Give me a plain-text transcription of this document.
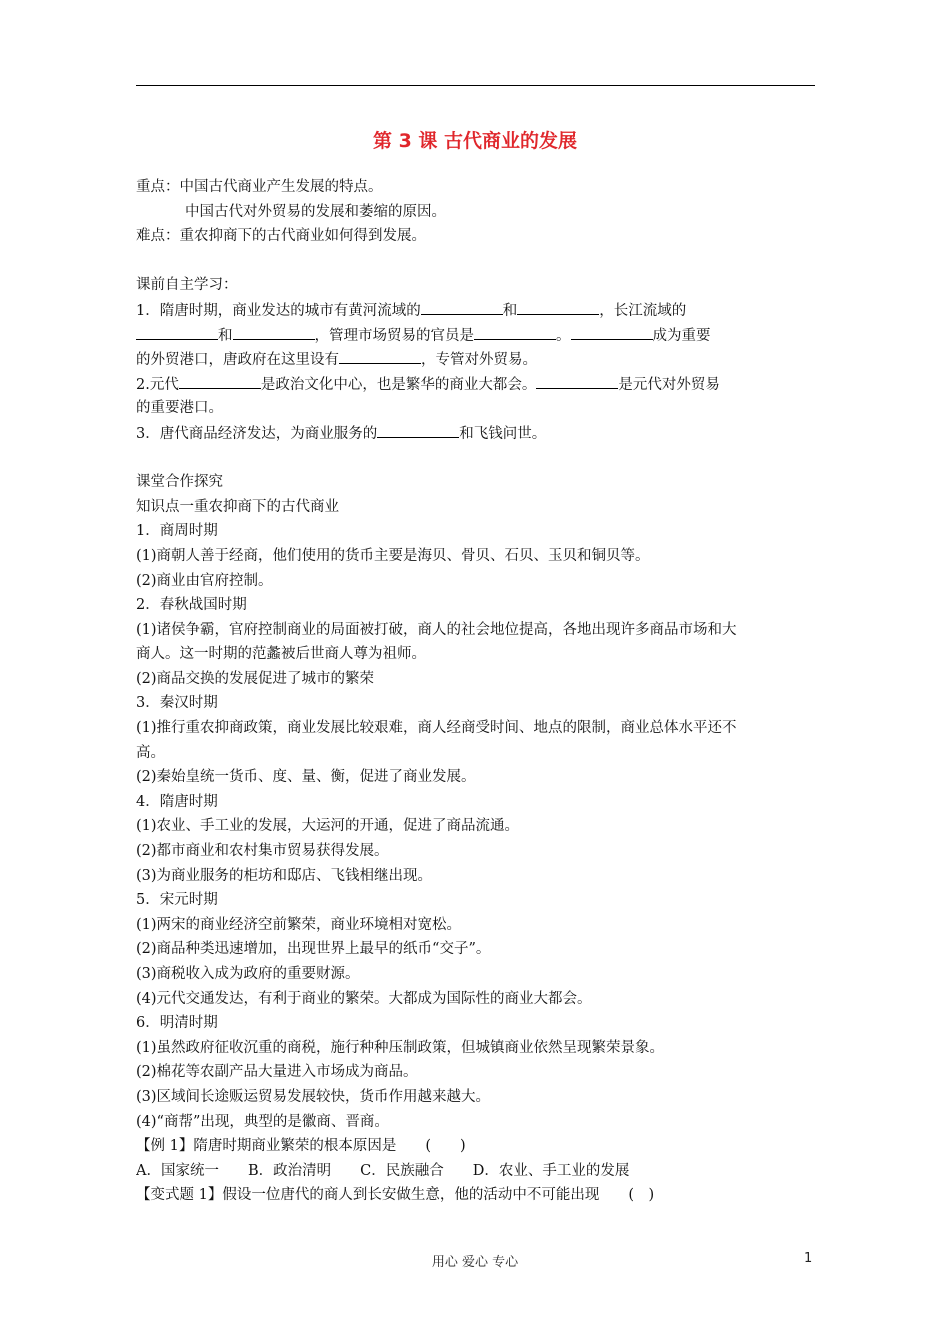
第 3 课 古代商业的发展
重点：中国古代商业产生发展的特点。
中国古代对外贸易的发展和萎缩的原因。
难点：重农抑商下的古代商业如何得到发展。
课前自主学习：
1．隋唐时期，商业发达的城市有黄河流域的	和	，长江流域的
和	，管理市场贸易的官员是	。	成为重要
的外贸港口，唐政府在这里设有	，专管对外贸易。
2.元代	是政治文化中心，也是繁华的商业大都会。	是元代对外贸易
的重要港口。
3．唐代商品经济发达，为商业服务的	和飞钱问世。
课堂合作探究
知识点一重农抑商下的古代商业
1．商周时期
(1)商朝人善于经商，他们使用的货币主要是海贝、骨贝、石贝、玉贝和铜贝等。
(2)商业由官府控制。
2．春秋战国时期
(1)诸侯争霸，官府控制商业的局面被打破，商人的社会地位提高，各地出现许多商品市场和大
商人。这一时期的范蠡被后世商人尊为祖师。
(2)商品交换的发展促进了城市的繁荣
3．秦汉时期
(1)推行重农抑商政策，商业发展比较艰难，商人经商受时间、地点的限制，商业总体水平还不
高。
(2)秦始皇统一货币、度、量、衡，促进了商业发展。
4．隋唐时期
(1)农业、手工业的发展，大运河的开通，促进了商品流通。
(2)都市商业和农村集市贸易获得发展。
(3)为商业服务的柜坊和邸店、飞钱相继出现。
5．宋元时期
(1)两宋的商业经济空前繁荣，商业环境相对宽松。
(2)商品种类迅速增加，出现世界上最早的纸币“交子”。
(3)商税收入成为政府的重要财源。
(4)元代交通发达，有利于商业的繁荣。大都成为国际性的商业大都会。
6．明清时期
(1)虽然政府征收沉重的商税，施行种种压制政策，但城镇商业依然呈现繁荣景象。
(2)棉花等农副产品大量进入市场成为商品。
(3)区域间长途贩运贸易发展较快，货币作用越来越大。
(4)“商帮”出现，典型的是徽商、晋商。
【例 1】隋唐时期商业繁荣的根本原因是　　(　　)
A．国家统一　　B．政治清明　　C．民族融合　　D．农业、手工业的发展
【变式题 1】假设一位唐代的商人到长安做生意，他的活动中不可能出现　　(　)
用心 爱心 专心	1
